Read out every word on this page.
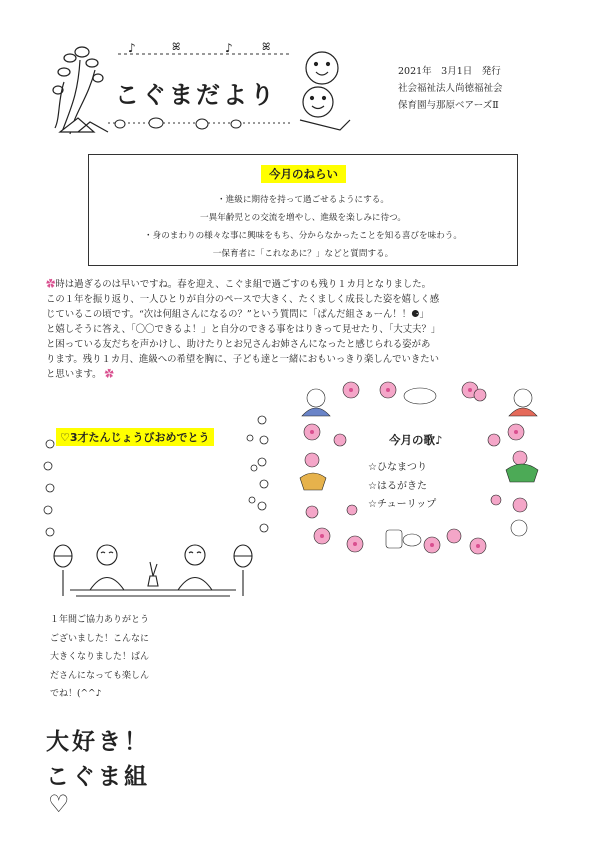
♪	♪
ꕤ	ꕤ
こぐまだより
2021年　3月1日　発行
社会福祉法人尚徳福祉会
保育園与那原ベアーズⅡ
今月のねらい
・進級に期待を持って過ごせるようにする。
一異年齢児との交流を増やし、進級を楽しみに待つ。
・身のまわりの様々な事に興味をもち、分からなかったことを知る喜びを味わう。
一保育者に「これなあに？」などと質問する。
✿時は過ぎるのは早いですね。春を迎え、こぐま組で過ごすのも残り１カ月となりました。
この１年を振り返り、一人ひとりが自分のペースで大きく、たくましく成長した姿を嬉しく感
じているこの頃です。“次は何組さんになるの？”という質問に「ぱんだ組さぁーん！！⚈」
と嬉しそうに答え、「〇〇できるよ！」と自分のできる事をはりきって見せたり、「大丈夫？」
と困っている友だちを声かけし、助けたりとお兄さんお姉さんになったと感じられる姿があ
ります。残り１カ月、進級への希望を胸に、子ども達と一緒におもいっきり楽しんでいきたい
と思います。 ✿
♡3才たんじょうびおめでとう
１年間ご協力ありがとう
ございました！こんなに
大きくなりました！ぱん
ださんになっても楽しん
でね！(^^♪
今月の歌♪
☆ひなまつり
☆はるがきた
☆チューリップ
大好き！
こぐま組
♡
